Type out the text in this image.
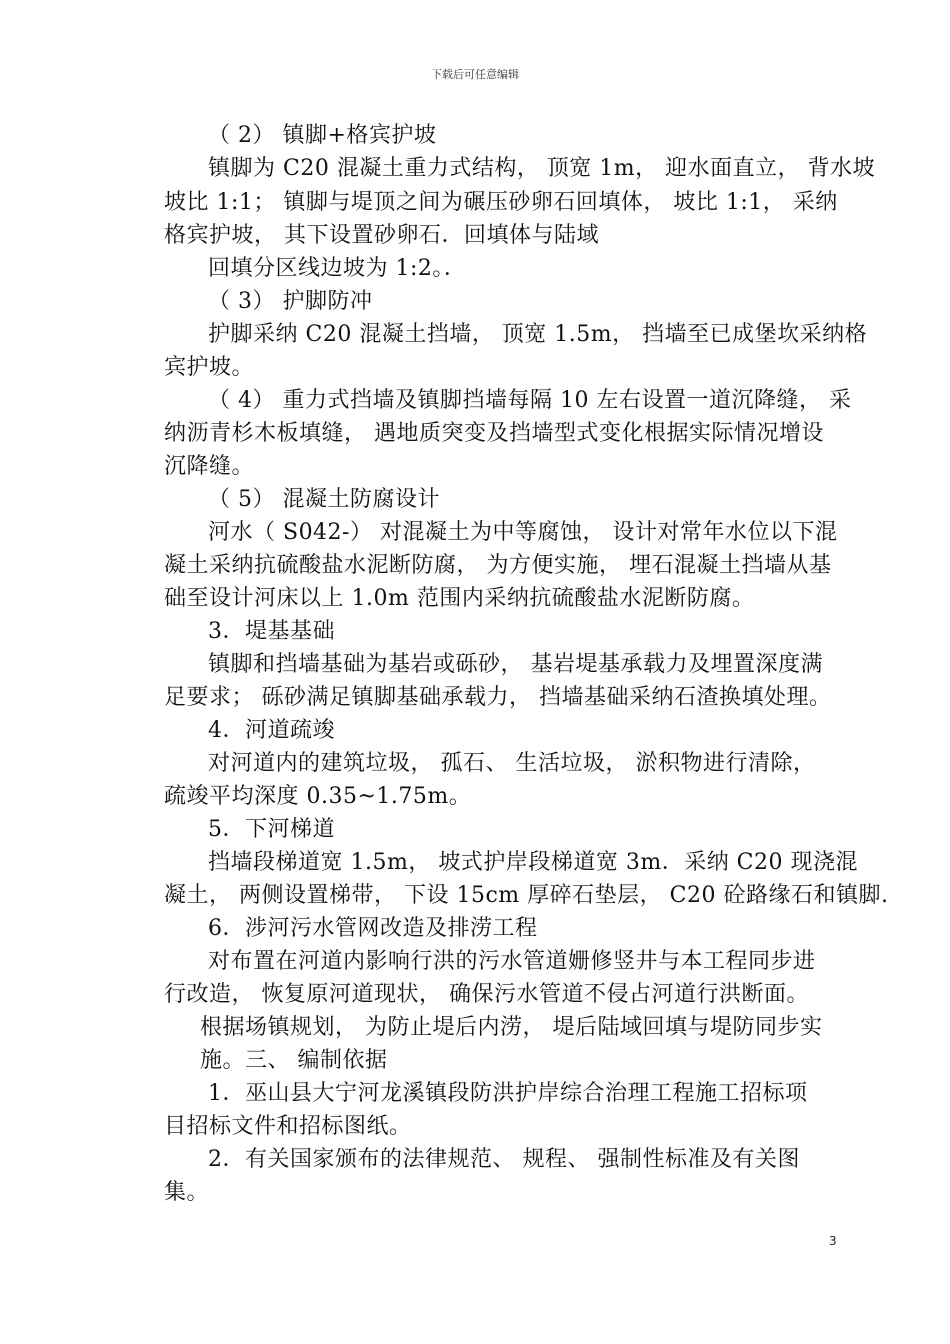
下载后可任意编辑
（ 2） 镇脚+格宾护坡
镇脚为 C20 混凝土重力式结构， 顶宽 1m， 迎水面直立， 背水坡
坡比 1:1； 镇脚与堤顶之间为碾压砂卵石回填体， 坡比 1:1， 采纳
格宾护坡， 其下设置砂卵石．回填体与陆域
回填分区线边坡为 1:2。．
（ 3） 护脚防冲
护脚采纳 C20 混凝土挡墙， 顶宽 1.5m， 挡墙至已成堡坎采纳格
宾护坡。
（ 4） 重力式挡墙及镇脚挡墙每隔 10 左右设置一道沉降缝， 采
纳沥青杉木板填缝， 遇地质突变及挡墙型式变化根据实际情况增设
沉降缝。
（ 5） 混凝土防腐设计
河水（ S042-） 对混凝土为中等腐蚀， 设计对常年水位以下混
凝土采纳抗硫酸盐水泥断防腐， 为方便实施， 埋石混凝土挡墙从基
础至设计河床以上 1.0m 范围内采纳抗硫酸盐水泥断防腐。
3．堤基基础
镇脚和挡墙基础为基岩或砾砂， 基岩堤基承载力及埋置深度满
足要求； 砾砂满足镇脚基础承载力， 挡墙基础采纳石渣换填处理。
4．河道疏竣
对河道内的建筑垃圾， 孤石、 生活垃圾， 淤积物进行清除，
疏竣平均深度 0.35~1.75m。
5．下河梯道
挡墙段梯道宽 1.5m， 坡式护岸段梯道宽 3m．采纳 C20 现浇混
凝土， 两侧设置梯带， 下设 15cm 厚碎石垫层， C20 砼路缘石和镇脚.
6．涉河污水管网改造及排涝工程
对布置在河道内影响行洪的污水管道姗修竖井与本工程同步进
行改造， 恢复原河道现状， 确保污水管道不侵占河道行洪断面。
根据场镇规划， 为防止堤后内涝， 堤后陆域回填与堤防同步实
施。三、 编制依据
1．巫山县大宁河龙溪镇段防洪护岸综合治理工程施工招标项
目招标文件和招标图纸。
2．有关国家颁布的法律规范、 规程、 强制性标准及有关图
集。
3
